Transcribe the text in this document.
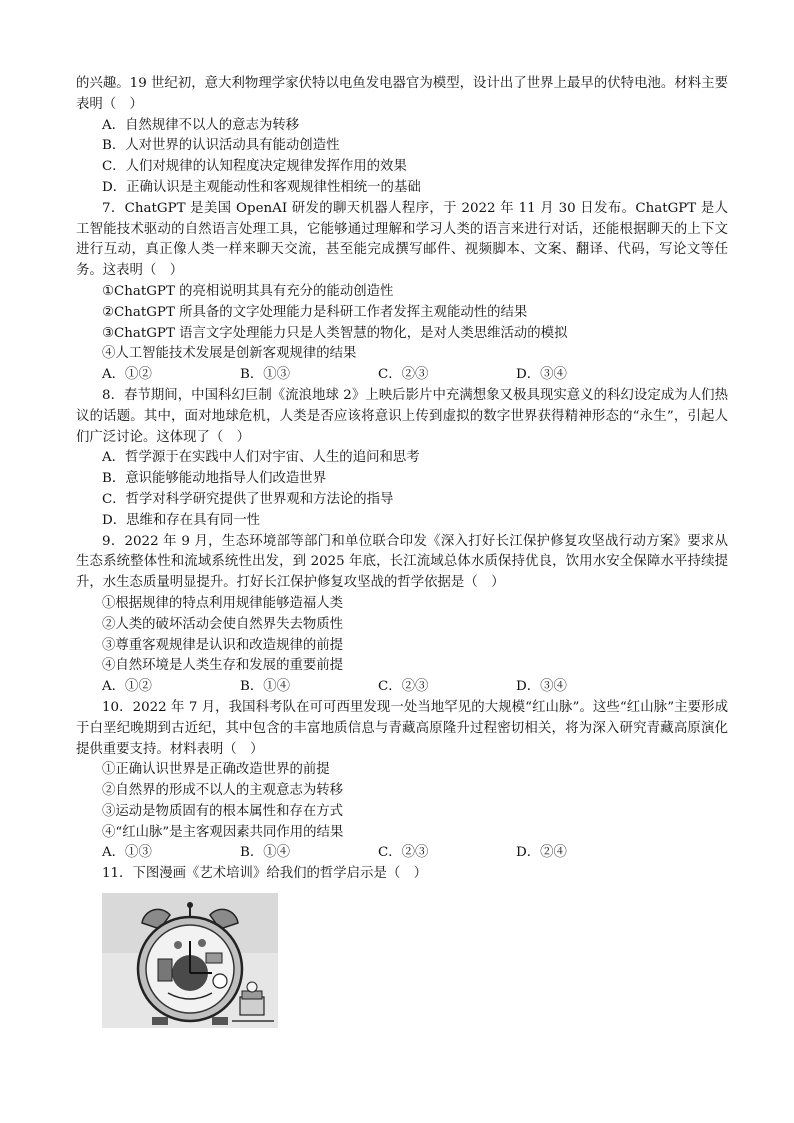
的兴趣。19 世纪初，意大利物理学家伏特以电鱼发电器官为模型，设计出了世界上最早的伏特电池。材料主要表明（　）

A．自然规律不以人的意志为转移

B．人对世界的认识活动具有能动创造性

C．人们对规律的认知程度决定规律发挥作用的效果

D．正确认识是主观能动性和客观规律性相统一的基础

7．ChatGPT 是美国 OpenAI 研发的聊天机器人程序，于 2022 年 11 月 30 日发布。ChatGPT 是人工智能技术驱动的自然语言处理工具，它能够通过理解和学习人类的语言来进行对话，还能根据聊天的上下文进行互动，真正像人类一样来聊天交流，甚至能完成撰写邮件、视频脚本、文案、翻译、代码，写论文等任务。这表明（　）

①ChatGPT 的亮相说明其具有充分的能动创造性

②ChatGPT 所具备的文字处理能力是科研工作者发挥主观能动性的结果

③ChatGPT 语言文字处理能力只是人类智慧的物化，是对人类思维活动的模拟

④人工智能技术发展是创新客观规律的结果

A．①②	B．①③	C．②③	D．③④

8．春节期间，中国科幻巨制《流浪地球 2》上映后影片中充满想象又极具现实意义的科幻设定成为人们热议的话题。其中，面对地球危机，人类是否应该将意识上传到虚拟的数字世界获得精神形态的“永生”，引起人们广泛讨论。这体现了（　）

A．哲学源于在实践中人们对宇宙、人生的追问和思考

B．意识能够能动地指导人们改造世界

C．哲学对科学研究提供了世界观和方法论的指导

D．思维和存在具有同一性

9．2022 年 9 月，生态环境部等部门和单位联合印发《深入打好长江保护修复攻坚战行动方案》要求从生态系统整体性和流域系统性出发，到 2025 年底，长江流域总体水质保持优良，饮用水安全保障水平持续提升，水生态质量明显提升。打好长江保护修复攻坚战的哲学依据是（　）

①根据规律的特点利用规律能够造福人类

②人类的破坏活动会使自然界失去物质性

③尊重客观规律是认识和改造规律的前提

④自然环境是人类生存和发展的重要前提

A．①②	B．①④	C．②③	D．③④

10．2022 年 7 月，我国科考队在可可西里发现一处当地罕见的大规模“红山脉”。这些“红山脉”主要形成于白垩纪晚期到古近纪，其中包含的丰富地质信息与青藏高原隆升过程密切相关，将为深入研究青藏高原演化提供重要支持。材料表明（　）

①正确认识世界是正确改造世界的前提

②自然界的形成不以人的主观意志为转移

③运动是物质固有的根本属性和存在方式

④“红山脉”是主客观因素共同作用的结果

A．①③	B．①④	C．②③	D．②④

11．下图漫画《艺术培训》给我们的哲学启示是（　）
